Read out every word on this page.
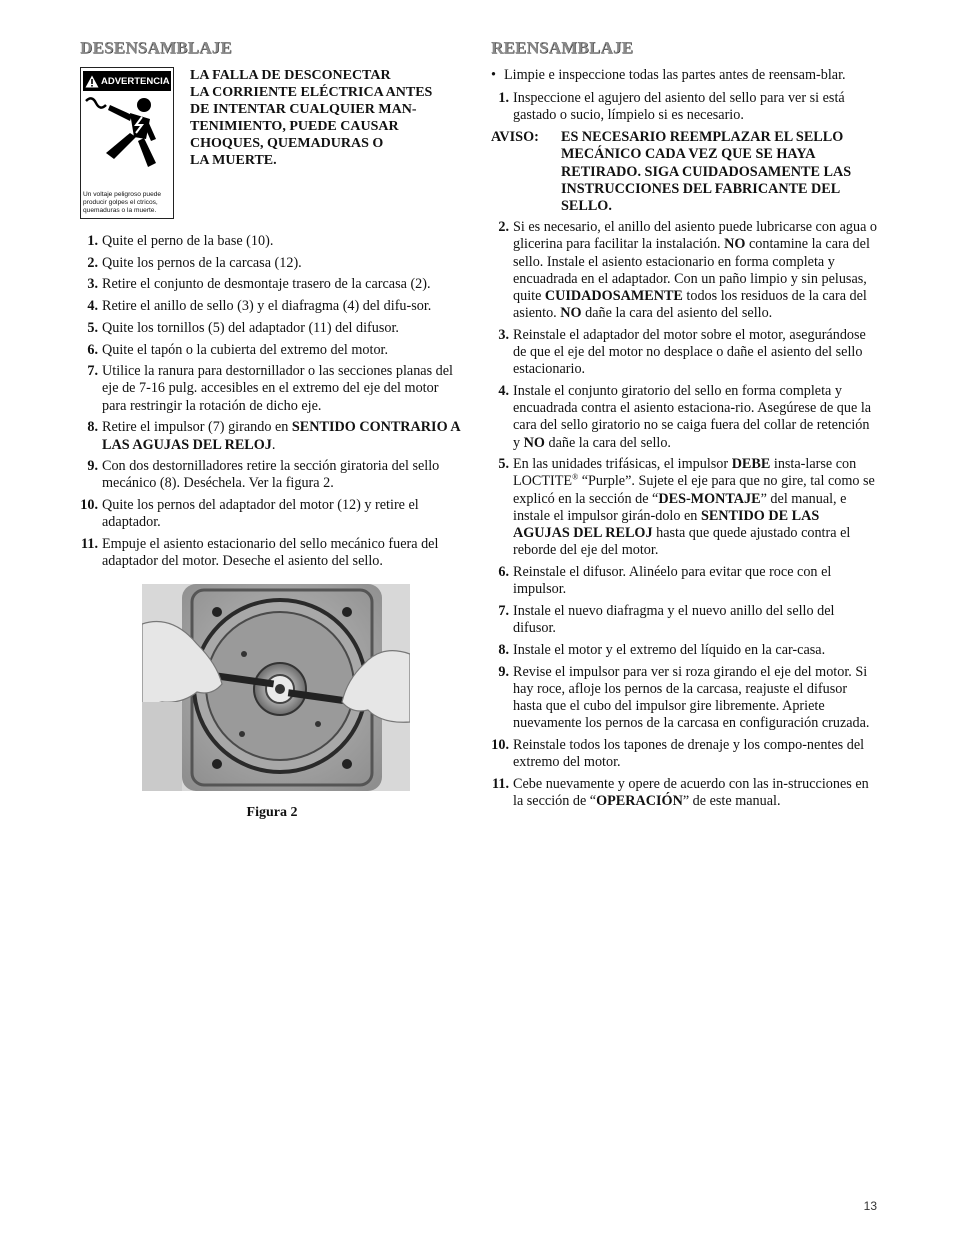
DESENSAMBLAJE
ADVERTENCIA
Un voltaje peligroso puede
producir golpes el ctricos,
quemaduras o la muerte.
LA FALLA DE DESCONECTAR
LA CORRIENTE ELÉCTRICA ANTES
DE INTENTAR CUALQUIER MAN-
TENIMIENTO, PUEDE CAUSAR
CHOQUES, QUEMADURAS O
LA MUERTE.
1. Quite el perno de la base (10).
2. Quite los pernos de la carcasa (12).
3. Retire el conjunto de desmontaje trasero de la carcasa (2).
4. Retire el anillo de sello (3) y el diafragma (4) del difu-sor.
5. Quite los tornillos (5) del adaptador (11) del difusor.
6. Quite el tapón o la cubierta del extremo del motor.
7. Utilice la ranura para destornillador o las secciones planas del eje de 7-16 pulg. accesibles en el extremo del eje del motor para restringir la rotación de dicho eje.
8. Retire el impulsor (7) girando en SENTIDO CONTRARIO A LAS AGUJAS DEL RELOJ.
9. Con dos destornilladores retire la sección giratoria del sello mecánico (8). Deséchela. Ver la figura 2.
10. Quite los pernos del adaptador del motor (12) y retire el adaptador.
11. Empuje el asiento estacionario del sello mecánico fuera del adaptador del motor. Deseche el asiento del sello.
Figura 2
REENSAMBLAJE
• Limpie e inspeccione todas las partes antes de reensam-blar.
1. Inspeccione el agujero del asiento del sello para ver si está gastado o sucio, límpielo si es necesario.
AVISO:	ES NECESARIO REEMPLAZAR EL SELLO MECÁNICO CADA VEZ QUE SE HAYA RETIRADO. SIGA CUIDADOSAMENTE LAS INSTRUCCIONES DEL FABRICANTE DEL SELLO.
2. Si es necesario, el anillo del asiento puede lubricarse con agua o glicerina para facilitar la instalación. NO contamine la cara del sello. Instale el asiento estacionario en forma completa y encuadrada en el adaptador. Con un paño limpio y sin pelusas, quite CUIDADOSAMENTE todos los residuos de la cara del asiento. NO dañe la cara del asiento del sello.
3. Reinstale el adaptador del motor sobre el motor, asegurándose de que el eje del motor no desplace o dañe el asiento del sello estacionario.
4. Instale el conjunto giratorio del sello en forma completa y encuadrada contra el asiento estaciona-rio. Asegúrese de que la cara del sello giratorio no se caiga fuera del collar de retención y NO dañe la cara del sello.
5. En las unidades trifásicas, el impulsor DEBE insta-larse con LOCTITE® “Purple”. Sujete el eje para que no gire, tal como se explicó en la sección de “DES-MONTAJE” del manual, e instale el impulsor girán-dolo en SENTIDO DE LAS AGUJAS DEL RELOJ hasta que quede ajustado contra el reborde del eje del motor.
6. Reinstale el difusor. Alinéelo para evitar que roce con el impulsor.
7. Instale el nuevo diafragma y el nuevo anillo del sello del difusor.
8. Instale el motor y el extremo del líquido en la car-casa.
9. Revise el impulsor para ver si roza girando el eje del motor. Si hay roce, afloje los pernos de la carcasa, reajuste el difusor hasta que el cubo del impulsor gire libremente. Apriete nuevamente los pernos de la carcasa en configuración cruzada.
10. Reinstale todos los tapones de drenaje y los compo-nentes del extremo del motor.
11. Cebe nuevamente y opere de acuerdo con las in-strucciones en la sección de “OPERACIÓN” de este manual.
13
